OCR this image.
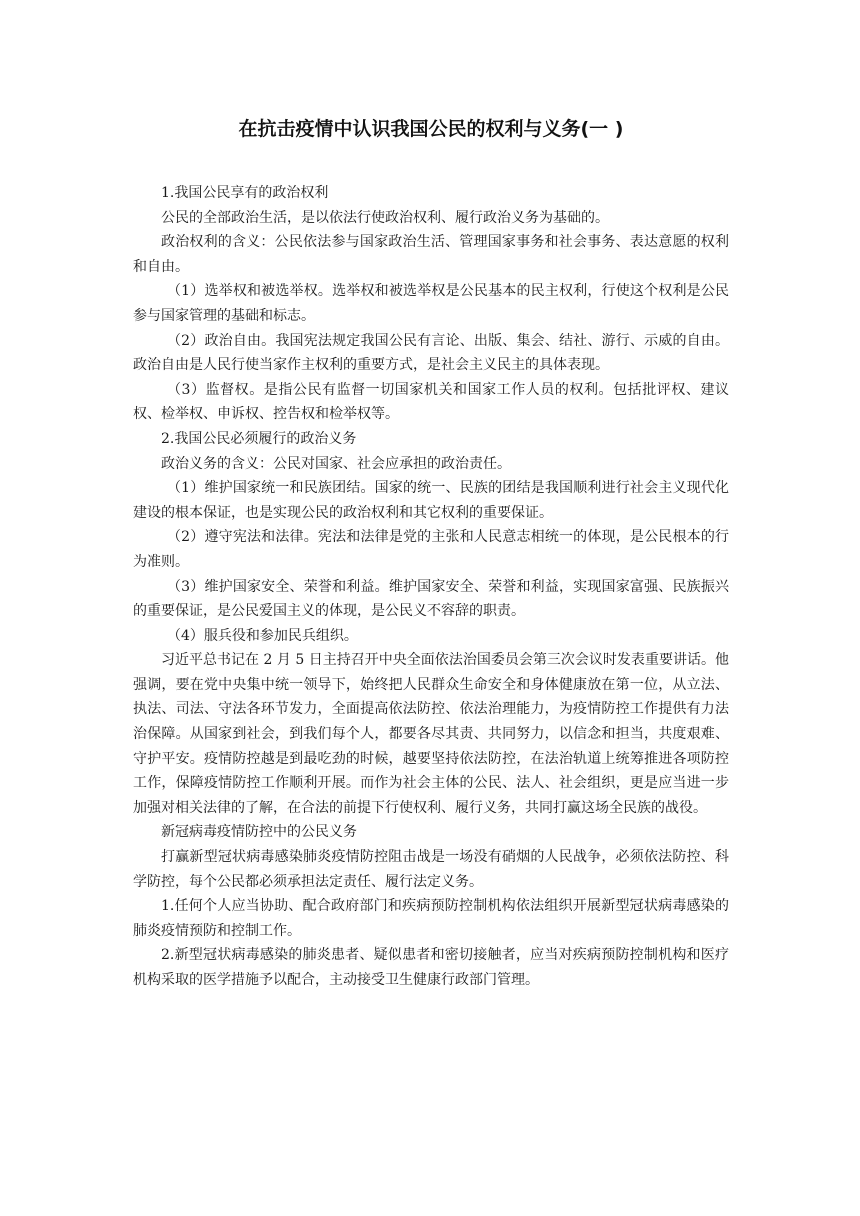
在抗击疫情中认识我国公民的权利与义务(一 )

1.我国公民享有的政治权利

公民的全部政治生活，是以依法行使政治权利、履行政治义务为基础的。

政治权利的含义：公民依法参与国家政治生活、管理国家事务和社会事务、表达意愿的权利和自由。

（1）选举权和被选举权。选举权和被选举权是公民基本的民主权利，行使这个权利是公民参与国家管理的基础和标志。

（2）政治自由。我国宪法规定我国公民有言论、出版、集会、结社、游行、示威的自由。政治自由是人民行使当家作主权利的重要方式，是社会主义民主的具体表现。

（3）监督权。是指公民有监督一切国家机关和国家工作人员的权利。包括批评权、建议权、检举权、申诉权、控告权和检举权等。

2.我国公民必须履行的政治义务

政治义务的含义：公民对国家、社会应承担的政治责任。

（1）维护国家统一和民族团结。国家的统一、民族的团结是我国顺利进行社会主义现代化建设的根本保证，也是实现公民的政治权利和其它权利的重要保证。

（2）遵守宪法和法律。宪法和法律是党的主张和人民意志相统一的体现，是公民根本的行为准则。

（3）维护国家安全、荣誉和利益。维护国家安全、荣誉和利益，实现国家富强、民族振兴的重要保证，是公民爱国主义的体现，是公民义不容辞的职责。

（4）服兵役和参加民兵组织。

习近平总书记在 2 月 5 日主持召开中央全面依法治国委员会第三次会议时发表重要讲话。他强调，要在党中央集中统一领导下，始终把人民群众生命安全和身体健康放在第一位，从立法、执法、司法、守法各环节发力，全面提高依法防控、依法治理能力，为疫情防控工作提供有力法治保障。从国家到社会，到我们每个人，都要各尽其责、共同努力，以信念和担当，共度艰难、守护平安。疫情防控越是到最吃劲的时候，越要坚持依法防控，在法治轨道上统筹推进各项防控工作，保障疫情防控工作顺利开展。而作为社会主体的公民、法人、社会组织，更是应当进一步加强对相关法律的了解，在合法的前提下行使权利、履行义务，共同打赢这场全民族的战役。

新冠病毒疫情防控中的公民义务

打赢新型冠状病毒感染肺炎疫情防控阻击战是一场没有硝烟的人民战争，必须依法防控、科学防控，每个公民都必须承担法定责任、履行法定义务。

1.任何个人应当协助、配合政府部门和疾病预防控制机构依法组织开展新型冠状病毒感染的肺炎疫情预防和控制工作。

2.新型冠状病毒感染的肺炎患者、疑似患者和密切接触者，应当对疾病预防控制机构和医疗机构采取的医学措施予以配合，主动接受卫生健康行政部门管理。
